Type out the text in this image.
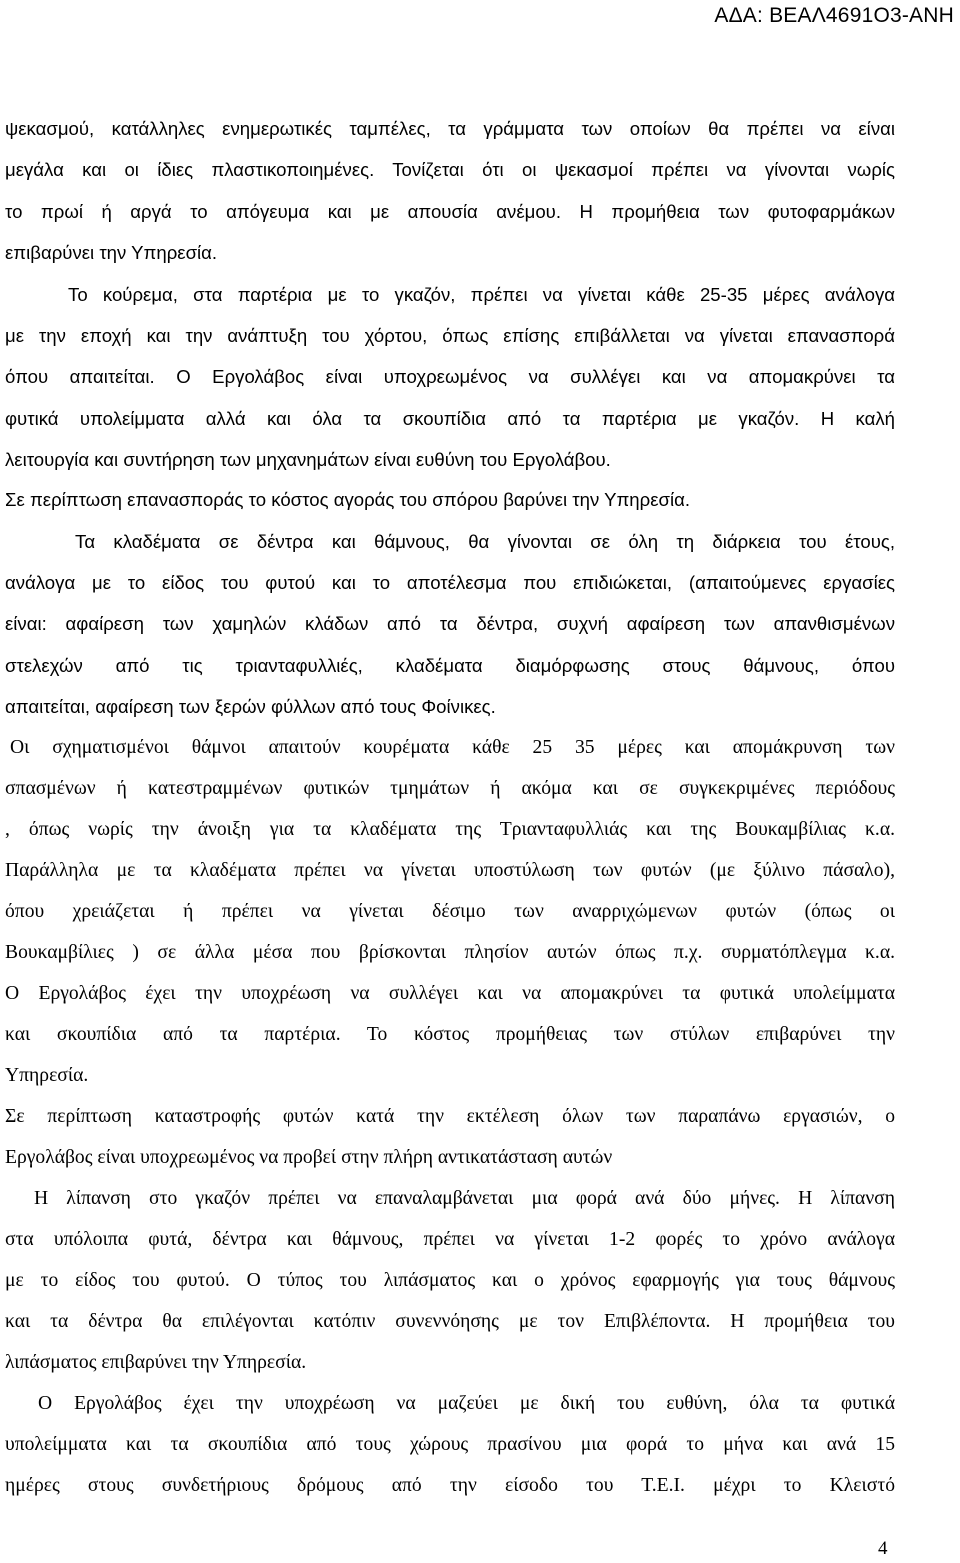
ΑΔΑ: ΒΕΑΛ4691Ο3-ΑΝΗ
ψεκασμού, κατάλληλες ενημερωτικές ταμπέλες, τα γράμματα των οποίων θα πρέπει να είναι
μεγάλα και οι ίδιες πλαστικοποιημένες. Τονίζεται ότι οι ψεκασμοί πρέπει να γίνονται νωρίς
το πρωί ή αργά το απόγευμα και με απουσία ανέμου. Η προμήθεια των φυτοφαρμάκων
επιβαρύνει την Υπηρεσία.
Το κούρεμα, στα παρτέρια με το γκαζόν, πρέπει να γίνεται κάθε 25-35 μέρες ανάλογα
με την εποχή και την ανάπτυξη του χόρτου, όπως επίσης επιβάλλεται να γίνεται επανασπορά
όπου απαιτείται. Ο Εργολάβος είναι υποχρεωμένος να συλλέγει και να απομακρύνει τα
φυτικά υπολείμματα αλλά και όλα τα σκουπίδια από τα παρτέρια με γκαζόν. Η καλή
λειτουργία και συντήρηση των μηχανημάτων είναι ευθύνη του Εργολάβου.
Σε περίπτωση επανασποράς το κόστος αγοράς του σπόρου βαρύνει την Υπηρεσία.
Τα κλαδέματα σε δέντρα και θάμνους, θα γίνονται σε όλη τη διάρκεια του έτους,
ανάλογα με το είδος του φυτού και το αποτέλεσμα που επιδιώκεται, (απαιτούμενες εργασίες
είναι: αφαίρεση των χαμηλών κλάδων από τα δέντρα, συχνή αφαίρεση των απανθισμένων
στελεχών από τις τριανταφυλλιές, κλαδέματα διαμόρφωσης στους θάμνους, όπου
απαιτείται, αφαίρεση των ξερών φύλλων από τους Φοίνικες.
Οι σχηματισμένοι θάμνοι απαιτούν κουρέματα κάθε 25 35 μέρες και απομάκρυνση των
σπασμένων ή κατεστραμμένων φυτικών τμημάτων ή ακόμα και σε συγκεκριμένες περιόδους
, όπως νωρίς την άνοιξη για τα κλαδέματα της Τριανταφυλλιάς και της Βουκαμβίλιας κ.α.
Παράλληλα με τα κλαδέματα πρέπει να γίνεται υποστύλωση των φυτών (με ξύλινο πάσαλο),
όπου χρειάζεται ή πρέπει να γίνεται δέσιμο των αναρριχώμενων φυτών (όπως οι
Βουκαμβίλιες ) σε άλλα μέσα που βρίσκονται πλησίον αυτών όπως π.χ. συρματόπλεγμα κ.α.
Ο Εργολάβος έχει την υποχρέωση να συλλέγει και να απομακρύνει τα φυτικά υπολείμματα
και σκουπίδια από τα παρτέρια. Το κόστος προμήθειας των στύλων επιβαρύνει την
Υπηρεσία.
Σε περίπτωση καταστροφής φυτών κατά την εκτέλεση όλων των παραπάνω εργασιών, ο
Εργολάβος είναι υποχρεωμένος να προβεί στην πλήρη αντικατάσταση αυτών
Η λίπανση στο γκαζόν πρέπει να επαναλαμβάνεται μια φορά ανά δύο μήνες. Η λίπανση
στα υπόλοιπα φυτά, δέντρα και θάμνους, πρέπει να γίνεται 1-2 φορές το χρόνο ανάλογα
με το είδος του φυτού. Ο τύπος του λιπάσματος και ο χρόνος εφαρμογής για τους θάμνους
και τα δέντρα θα επιλέγονται κατόπιν συνεννόησης με τον Επιβλέποντα. Η προμήθεια του
λιπάσματος επιβαρύνει την Υπηρεσία.
Ο Εργολάβος έχει την υποχρέωση να μαζεύει με δική του ευθύνη, όλα τα φυτικά
υπολείμματα και τα σκουπίδια από τους χώρους πρασίνου μια φορά το μήνα και ανά 15
ημέρες στους συνδετήριους δρόμους από την είσοδο του Τ.Ε.Ι. μέχρι το Κλειστό
4
